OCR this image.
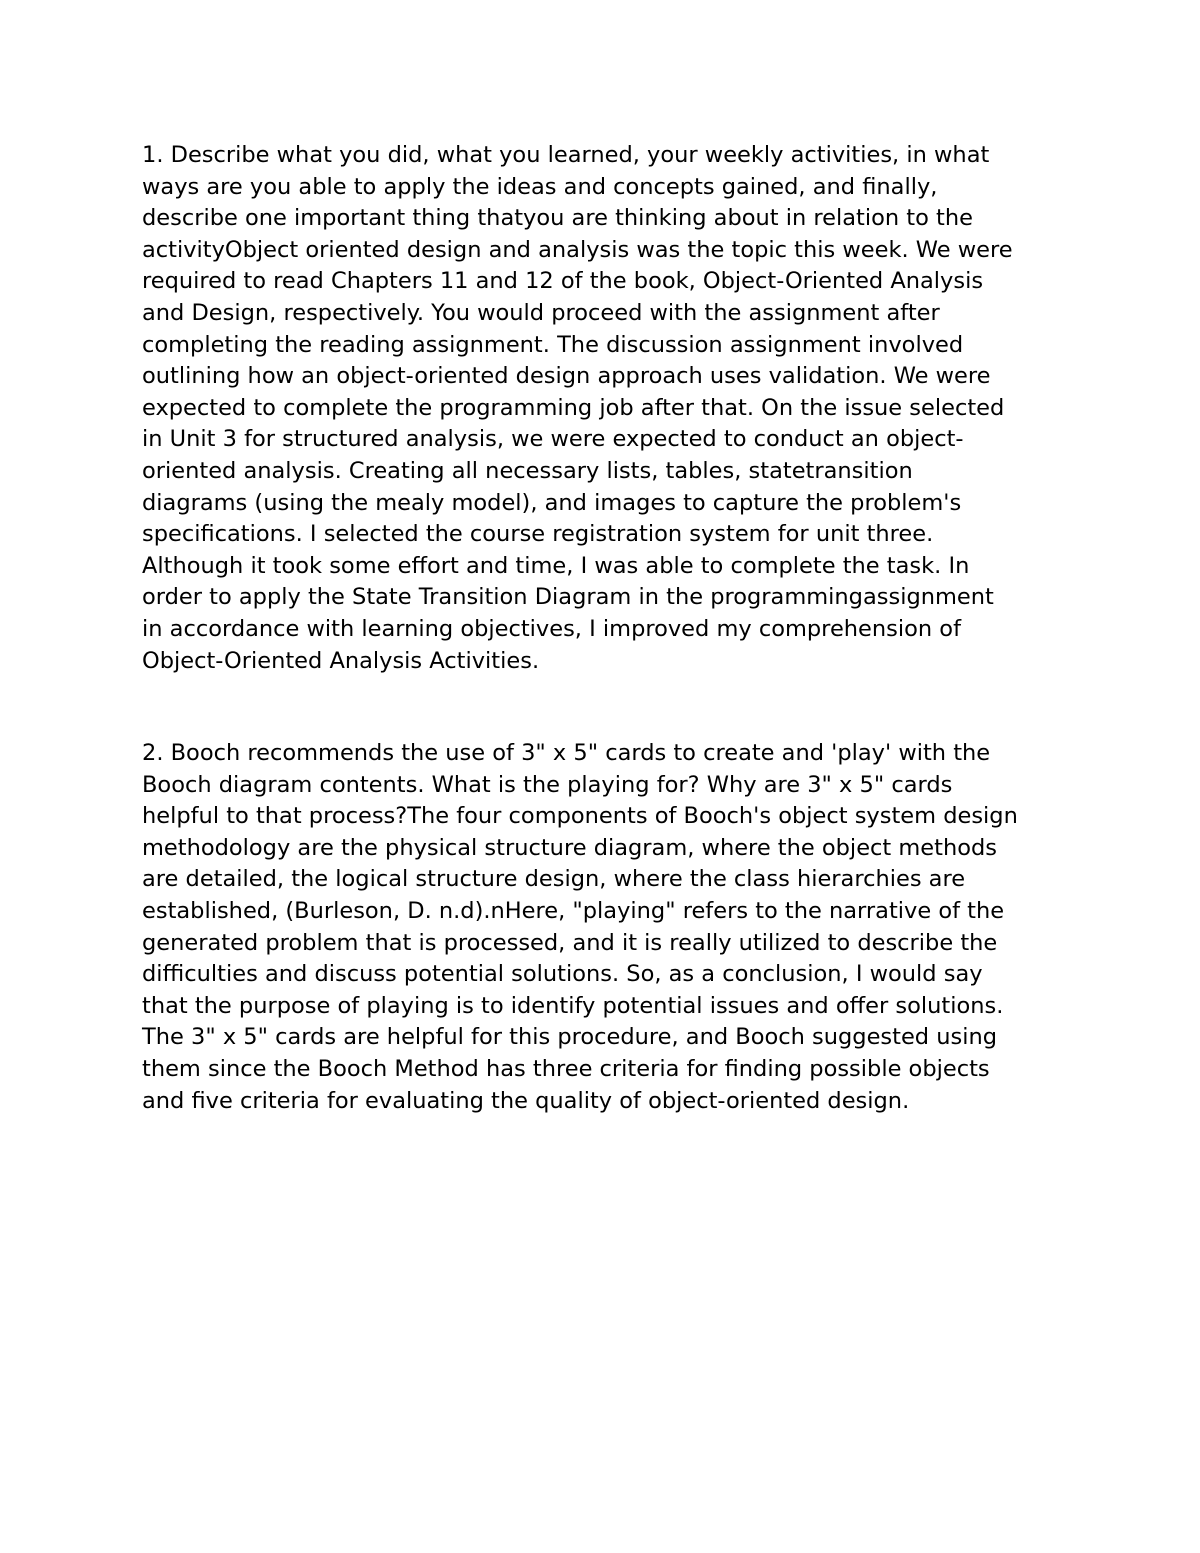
1. Describe what you did, what you learned, your weekly activities, in what
ways are you able to apply the ideas and concepts gained, and finally,
describe one important thing thatyou are thinking about in relation to the
activityObject oriented design and analysis was the topic this week. We were
required to read Chapters 11 and 12 of the book, Object-Oriented Analysis
and Design, respectively. You would proceed with the assignment after
completing the reading assignment. The discussion assignment involved
outlining how an object-oriented design approach uses validation. We were
expected to complete the programming job after that. On the issue selected
in Unit 3 for structured analysis, we were expected to conduct an object-
oriented analysis. Creating all necessary lists, tables, statetransition
diagrams (using the mealy model), and images to capture the problem's
specifications. I selected the course registration system for unit three.
Although it took some effort and time, I was able to complete the task. In
order to apply the State Transition Diagram in the programmingassignment
in accordance with learning objectives, I improved my comprehension of
Object-Oriented Analysis Activities.

2. Booch recommends the use of 3" x 5" cards to create and 'play' with the
Booch diagram contents. What is the playing for? Why are 3" x 5" cards
helpful to that process?The four components of Booch's object system design
methodology are the physical structure diagram, where the object methods
are detailed, the logical structure design, where the class hierarchies are
established, (Burleson, D. n.d).nHere, "playing" refers to the narrative of the
generated problem that is processed, and it is really utilized to describe the
difficulties and discuss potential solutions. So, as a conclusion, I would say
that the purpose of playing is to identify potential issues and offer solutions.
The 3" x 5" cards are helpful for this procedure, and Booch suggested using
them since the Booch Method has three criteria for finding possible objects
and five criteria for evaluating the quality of object-oriented design.
